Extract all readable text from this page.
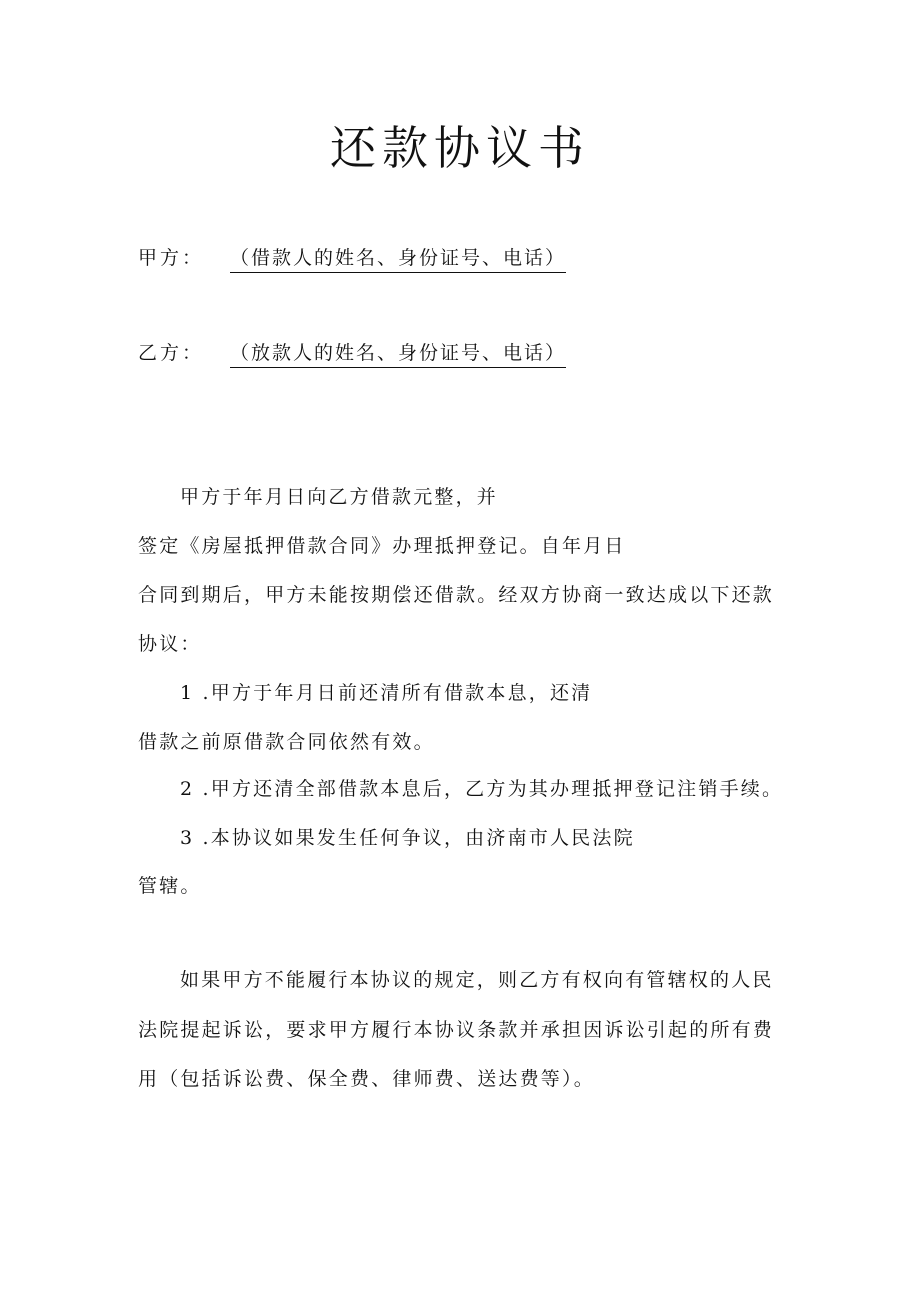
还款协议书
甲方： （借款人的姓名、身份证号、电话）
乙方： （放款人的姓名、身份证号、电话）
甲方于年月日向乙方借款元整，并
签定《房屋抵押借款合同》办理抵押登记。自年月日
合同到期后，甲方未能按期偿还借款。经双方协商一致达成以下还款
协议：
1 .甲方于年月日前还清所有借款本息，还清
借款之前原借款合同依然有效。
2 .甲方还清全部借款本息后，乙方为其办理抵押登记注销手续。
3 .本协议如果发生任何争议，由济南市人民法院
管辖。
如果甲方不能履行本协议的规定，则乙方有权向有管辖权的人民
法院提起诉讼，要求甲方履行本协议条款并承担因诉讼引起的所有费
用（包括诉讼费、保全费、律师费、送达费等）。
